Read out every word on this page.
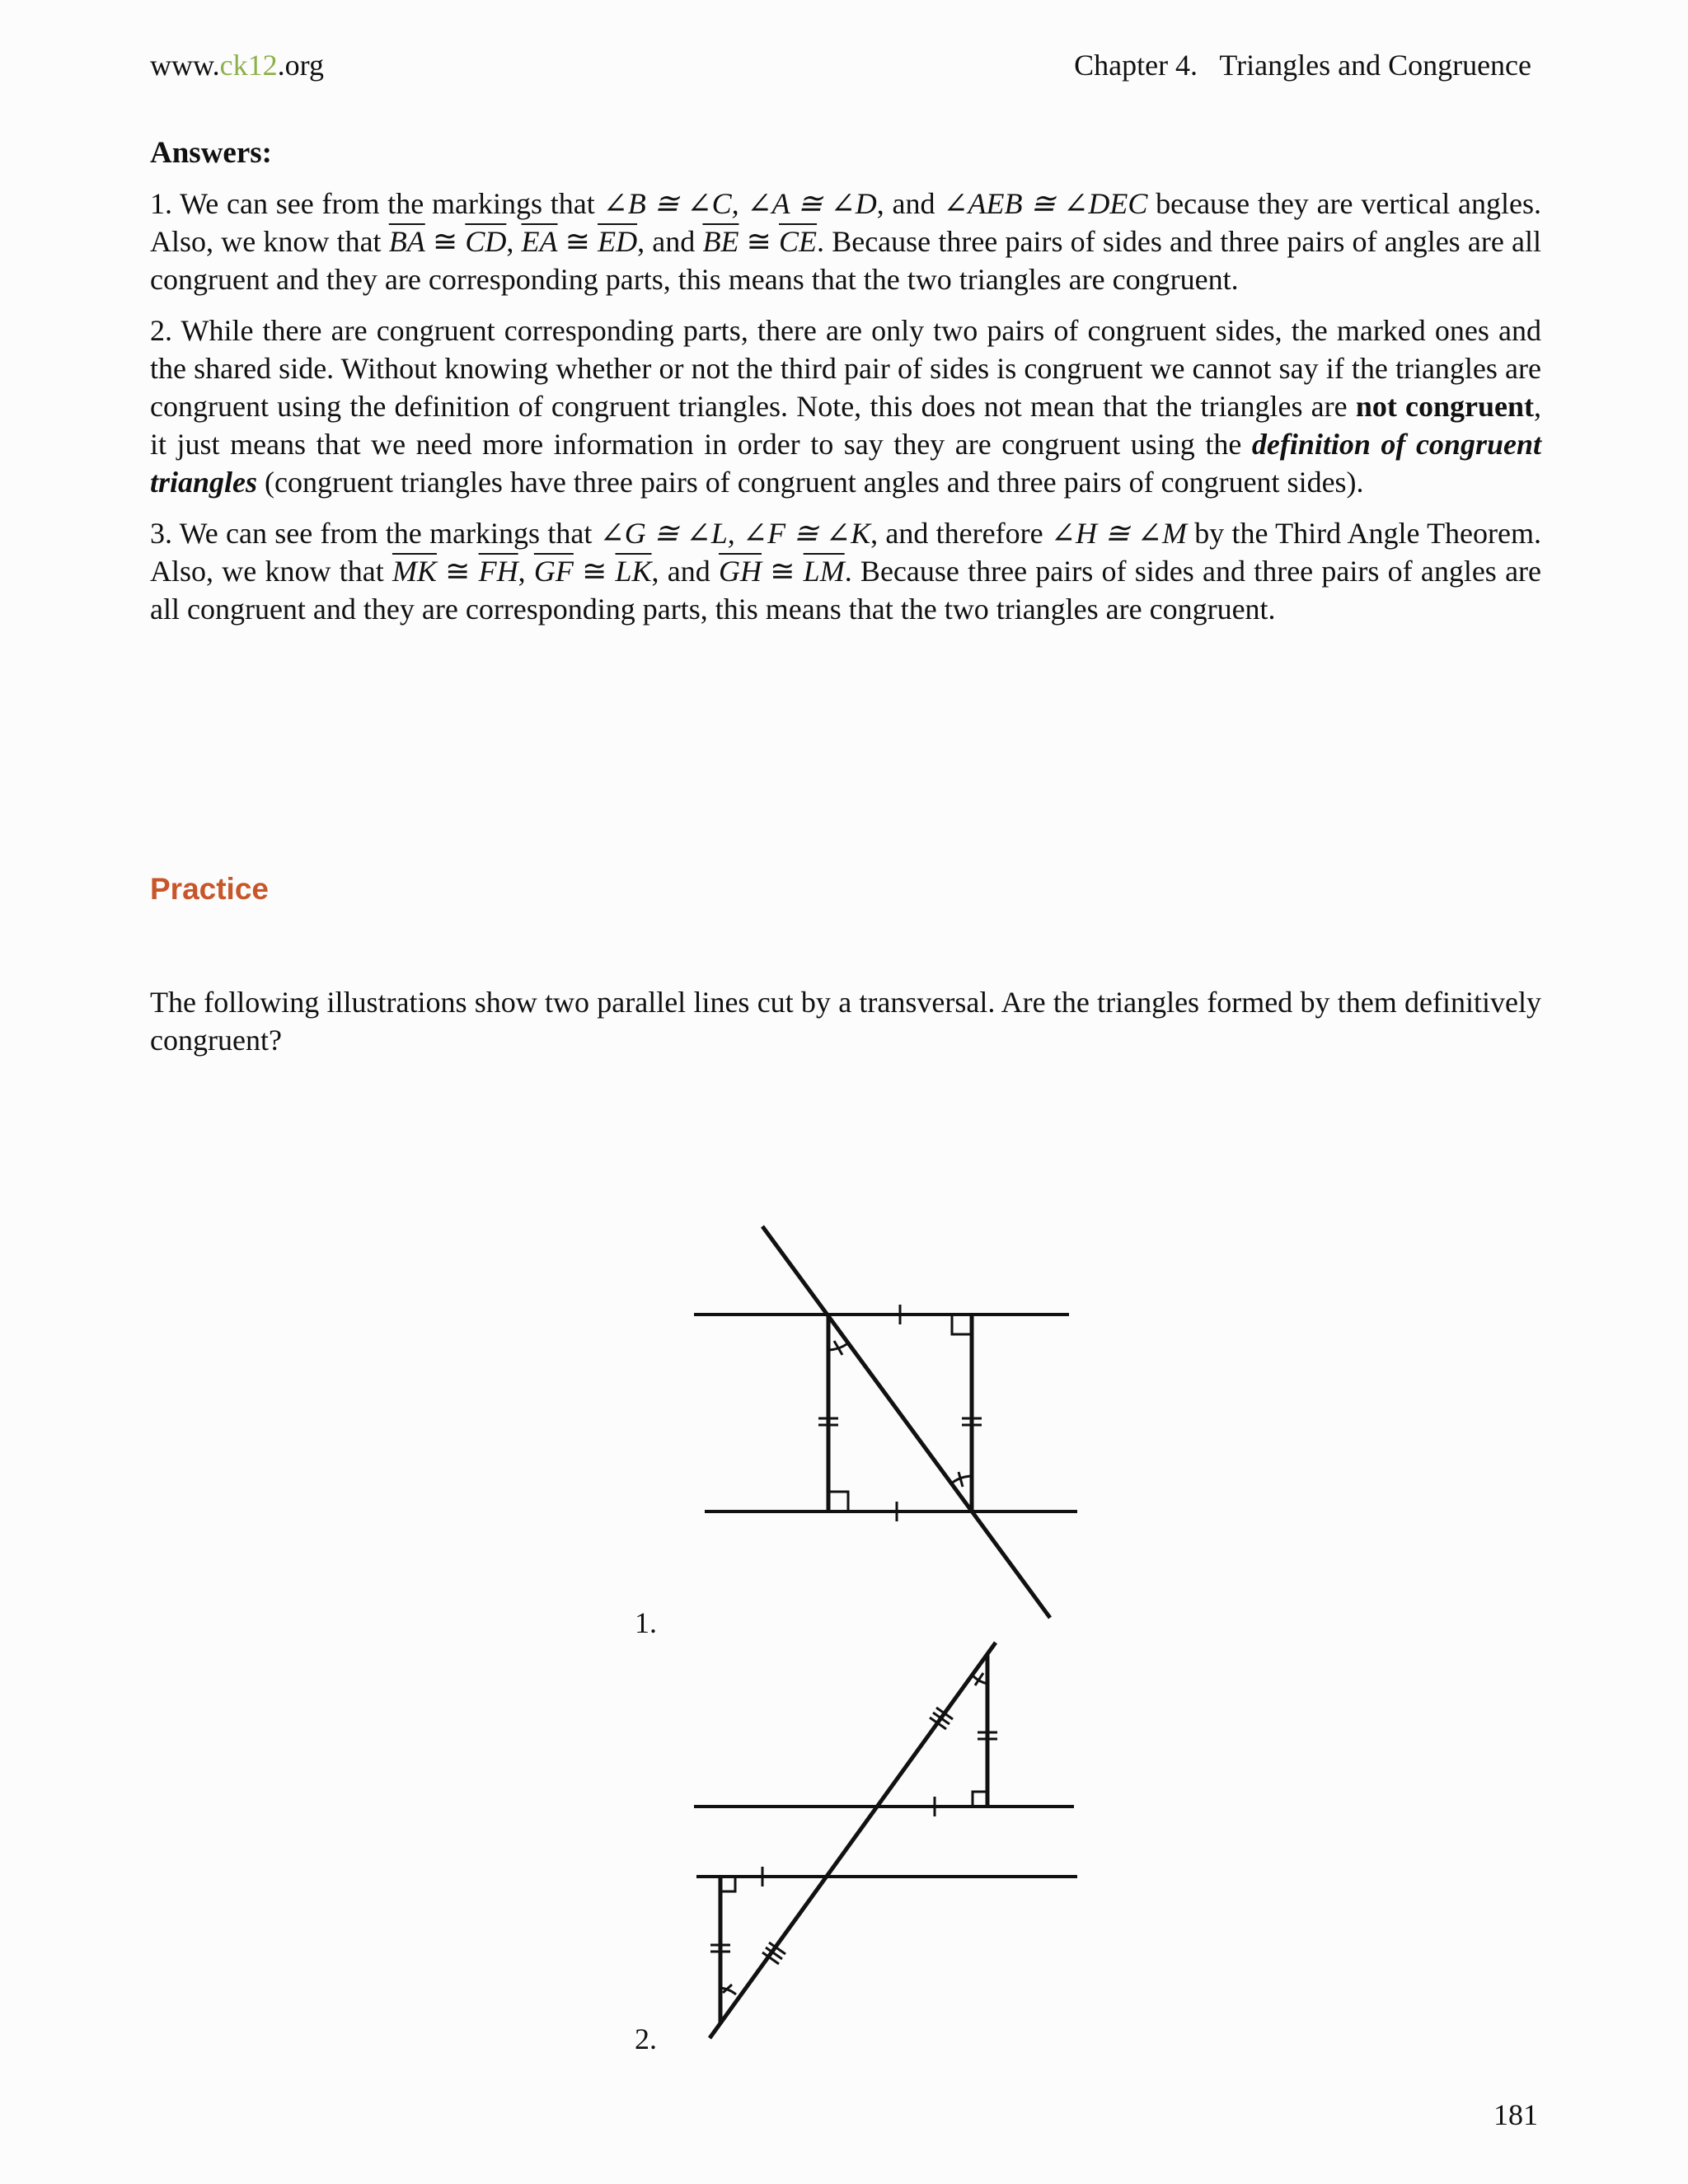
www.ck12.org	Chapter 4.   Triangles and Congruence
Answers:

1. We can see from the markings that ∠B ≅ ∠C, ∠A ≅ ∠D, and ∠AEB ≅ ∠DEC because they are vertical angles. Also, we know that $\overline{BA}$ ≅ $\overline{CD}$, $\overline{EA}$ ≅ $\overline{ED}$, and $\overline{BE}$ ≅ $\overline{CE}$. Because three pairs of sides and three pairs of angles are all congruent and they are corresponding parts, this means that the two triangles are congruent.

2. While there are congruent corresponding parts, there are only two pairs of congruent sides, the marked ones and the shared side. Without knowing whether or not the third pair of sides is congruent we cannot say if the triangles are congruent using the definition of congruent triangles. Note, this does not mean that the triangles are not congruent, it just means that we need more information in order to say they are congruent using the definition of congruent triangles (congruent triangles have three pairs of congruent angles and three pairs of congruent sides).

3. We can see from the markings that ∠G ≅ ∠L, ∠F ≅ ∠K, and therefore ∠H ≅ ∠M by the Third Angle Theorem. Also, we know that $\overline{MK}$ ≅ $\overline{FH}$, $\overline{GF}$ ≅ $\overline{LK}$, and $\overline{GH}$ ≅ $\overline{LM}$. Because three pairs of sides and three pairs of angles are all congruent and they are corresponding parts, this means that the two triangles are congruent.

Practice
The following illustrations show two parallel lines cut by a transversal. Are the triangles formed by them definitively congruent?
1.
2.
181
